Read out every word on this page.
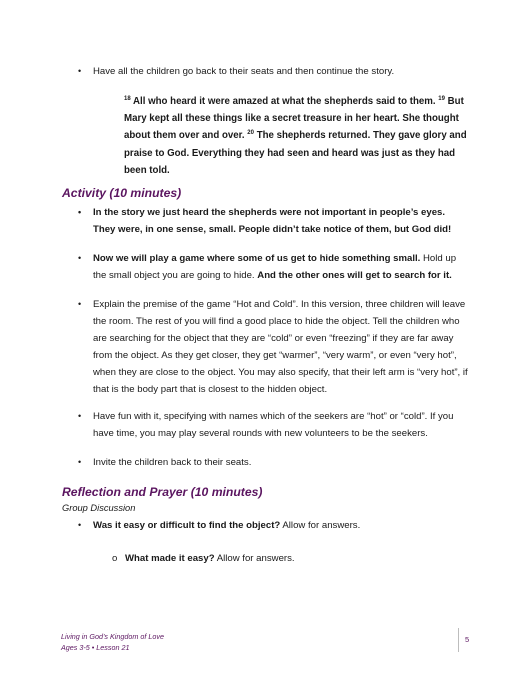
• Have all the children go back to their seats and then continue the story.
$^{18}$ All who heard it were amazed at what the shepherds said to them. $^{19}$ But
Mary kept all these things like a secret treasure in her heart. She thought
about them over and over. $^{20}$ The shepherds returned. They gave glory and
praise to God. Everything they had seen and heard was just as they had
been told.
Activity (10 minutes)
• In the story we just heard the shepherds were not important in people’s eyes.
They were, in one sense, small. People didn’t take notice of them, but God did!
• Now we will play a game where some of us get to hide something small. Hold up
the small object you are going to hide. And the other ones will get to search for it.
• Explain the premise of the game “Hot and Cold”. In this version, three children will leave
the room. The rest of you will find a good place to hide the object. Tell the children who
are searching for the object that they are “cold” or even “freezing” if they are far away
from the object. As they get closer, they get “warmer”, “very warm”, or even “very hot”,
when they are close to the object. You may also specify, that their left arm is “very hot”, if
that is the body part that is closest to the hidden object.
• Have fun with it, specifying with names which of the seekers are “hot” or “cold”. If you
have time, you may play several rounds with new volunteers to be the seekers.
• Invite the children back to their seats.
Reflection and Prayer (10 minutes)
Group Discussion
• Was it easy or difficult to find the object? Allow for answers.
o What made it easy? Allow for answers.
Living in God’s Kingdom of Love
Ages 3-5 • Lesson 21
5
